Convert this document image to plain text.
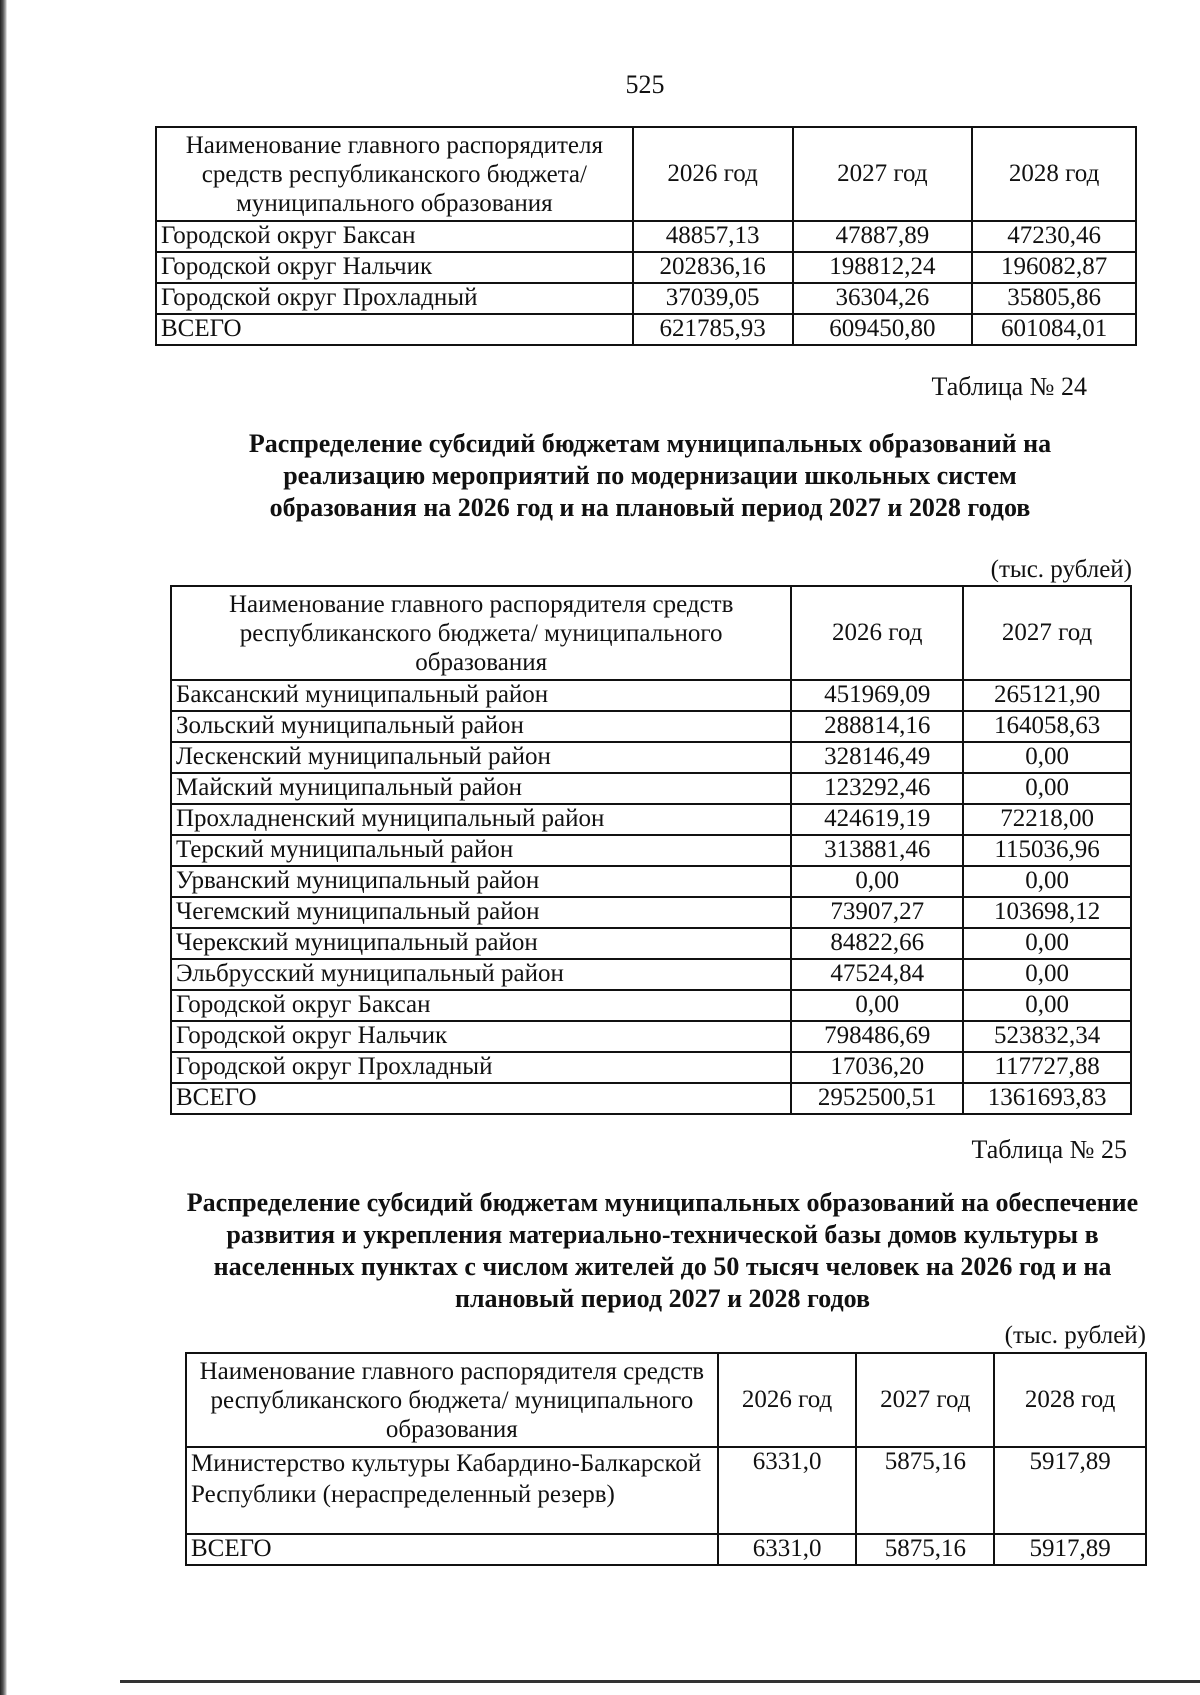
525
Наименование главного распорядителя средств республиканского бюджета/ муниципального образования	2026 год	2027 год	2028 год
Городской округ Баксан	48857,13	47887,89	47230,46
Городской округ Нальчик	202836,16	198812,24	196082,87
Городской округ Прохладный	37039,05	36304,26	35805,86
ВСЕГО	621785,93	609450,80	601084,01
Таблица № 24
Распределение субсидий бюджетам муниципальных образований на реализацию мероприятий по модернизации школьных систем образования на 2026 год и на плановый период 2027 и 2028 годов
(тыс. рублей)
Наименование главного распорядителя средств республиканского бюджета/ муниципального образования	2026 год	2027 год
Баксанский муниципальный район	451969,09	265121,90
Зольский муниципальный район	288814,16	164058,63
Лескенский муниципальный район	328146,49	0,00
Майский муниципальный район	123292,46	0,00
Прохладненский муниципальный район	424619,19	72218,00
Терский муниципальный район	313881,46	115036,96
Урванский муниципальный район	0,00	0,00
Чегемский муниципальный район	73907,27	103698,12
Черекский муниципальный район	84822,66	0,00
Эльбрусский муниципальный район	47524,84	0,00
Городской округ Баксан	0,00	0,00
Городской округ Нальчик	798486,69	523832,34
Городской округ Прохладный	17036,20	117727,88
ВСЕГО	2952500,51	1361693,83
Таблица № 25
Распределение субсидий бюджетам муниципальных образований на обеспечение развития и укрепления материально-технической базы домов культуры в населенных пунктах с числом жителей до 50 тысяч человек на 2026 год и на плановый период 2027 и 2028 годов
(тыс. рублей)
Наименование главного распорядителя средств республиканского бюджета/ муниципального образования	2026 год	2027 год	2028 год
Министерство культуры Кабардино-Балкарской Республики (нераспределенный резерв)	6331,0	5875,16	5917,89
ВСЕГО	6331,0	5875,16	5917,89
